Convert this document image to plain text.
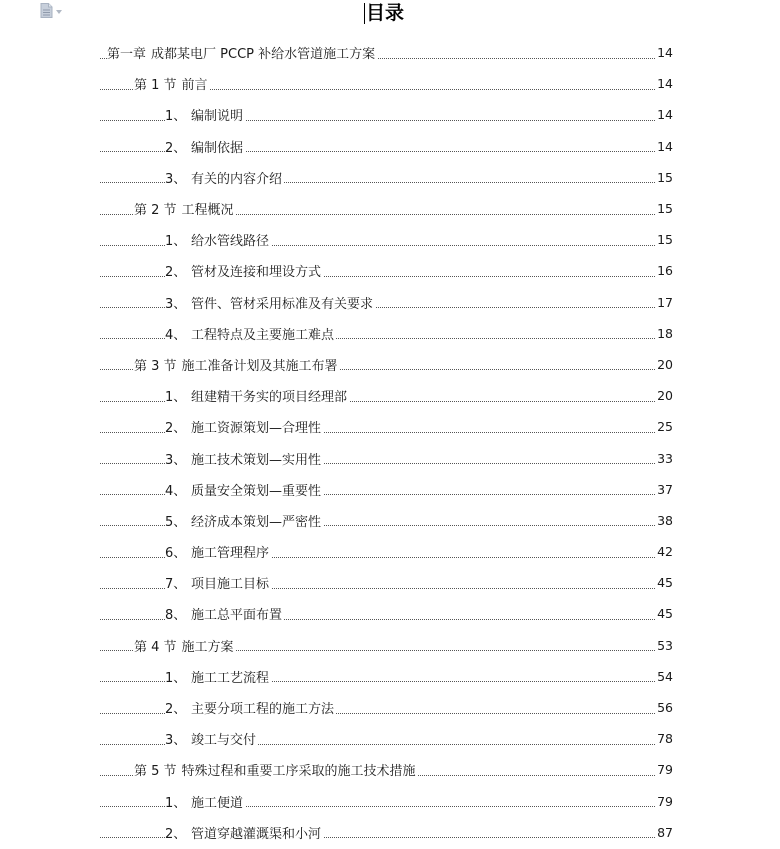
目录
第一章 成都某电厂 PCCP 补给水管道施工方案	14
第 1 节 前言	14
1、 编制说明	14
2、 编制依据	14
3、 有关的内容介绍	15
第 2 节 工程概况	15
1、 给水管线路径	15
2、 管材及连接和埋设方式	16
3、 管件、管材采用标准及有关要求	17
4、 工程特点及主要施工难点	18
第 3 节 施工准备计划及其施工布署	20
1、 组建精干务实的项目经理部	20
2、 施工资源策划—合理性	25
3、 施工技术策划—实用性	33
4、 质量安全策划—重要性	37
5、 经济成本策划—严密性	38
6、 施工管理程序	42
7、 项目施工目标	45
8、 施工总平面布置	45
第 4 节 施工方案	53
1、 施工工艺流程	54
2、 主要分项工程的施工方法	56
3、 竣工与交付	78
第 5 节 特殊过程和重要工序采取的施工技术措施	79
1、 施工便道	79
2、 管道穿越灌溉渠和小河	87
